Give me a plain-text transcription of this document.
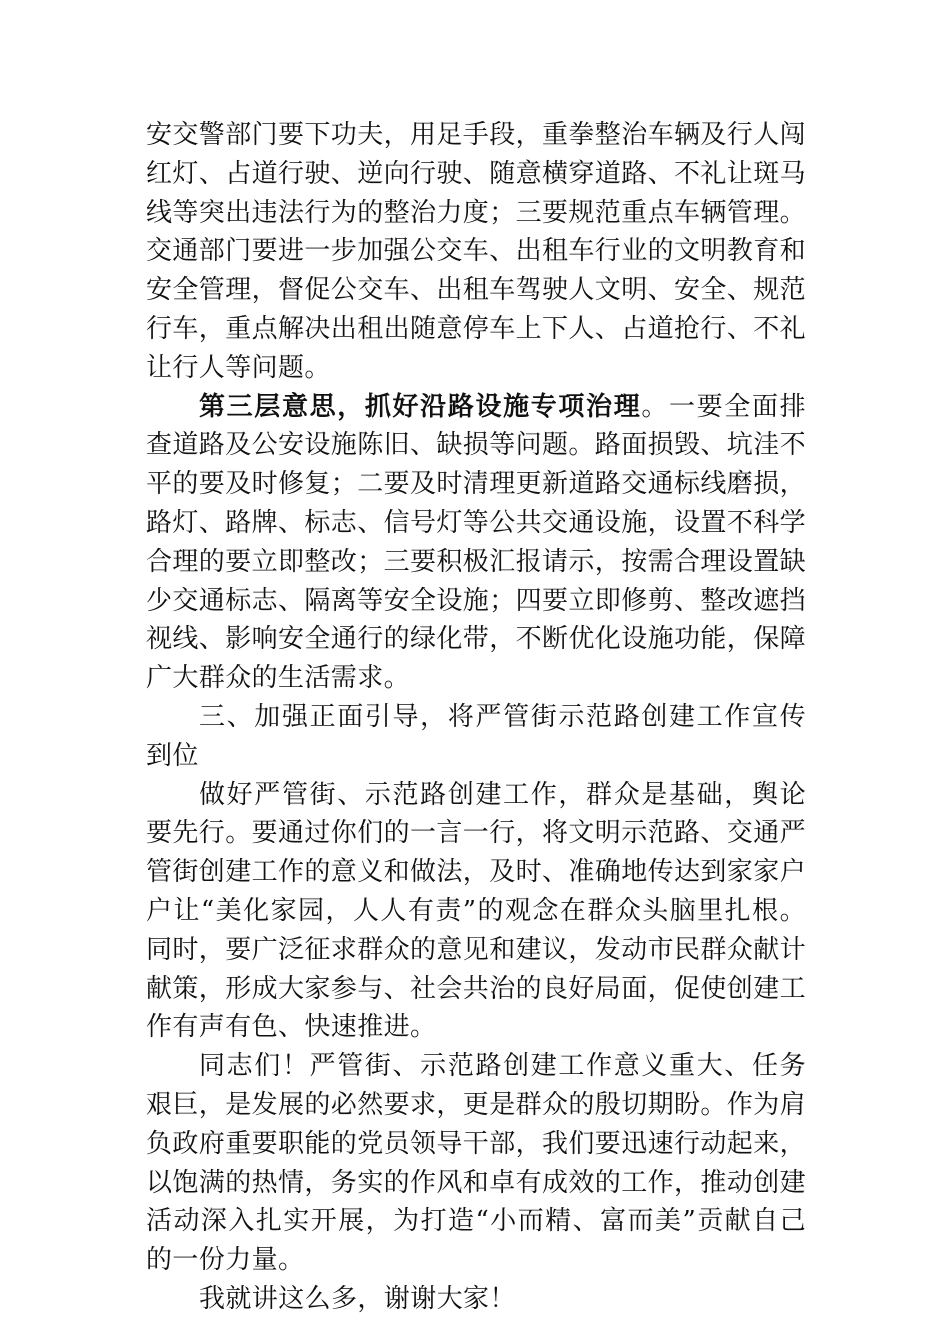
安交警部门要下功夫，用足手段，重拳整治车辆及行人闯红灯、占道行驶、逆向行驶、随意横穿道路、不礼让斑马线等突出违法行为的整治力度；三要规范重点车辆管理。交通部门要进一步加强公交车、出租车行业的文明教育和安全管理，督促公交车、出租车驾驶人文明、安全、规范行车，重点解决出租出随意停车上下人、占道抢行、不礼让行人等问题。

第三层意思，抓好沿路设施专项治理。一要全面排查道路及公安设施陈旧、缺损等问题。路面损毁、坑洼不平的要及时修复；二要及时清理更新道路交通标线磨损，路灯、路牌、标志、信号灯等公共交通设施，设置不科学合理的要立即整改；三要积极汇报请示，按需合理设置缺少交通标志、隔离等安全设施；四要立即修剪、整改遮挡视线、影响安全通行的绿化带，不断优化设施功能，保障广大群众的生活需求。

三、加强正面引导，将严管街示范路创建工作宣传到位

做好严管街、示范路创建工作，群众是基础，舆论要先行。要通过你们的一言一行，将文明示范路、交通严管街创建工作的意义和做法，及时、准确地传达到家家户户让“美化家园，人人有责”的观念在群众头脑里扎根。同时，要广泛征求群众的意见和建议，发动市民群众献计献策，形成大家参与、社会共治的良好局面，促使创建工作有声有色、快速推进。

同志们！严管街、示范路创建工作意义重大、任务艰巨，是发展的必然要求，更是群众的殷切期盼。作为肩负政府重要职能的党员领导干部，我们要迅速行动起来，以饱满的热情，务实的作风和卓有成效的工作，推动创建活动深入扎实开展，为打造“小而精、富而美”贡献自己的一份力量。

我就讲这么多，谢谢大家！
